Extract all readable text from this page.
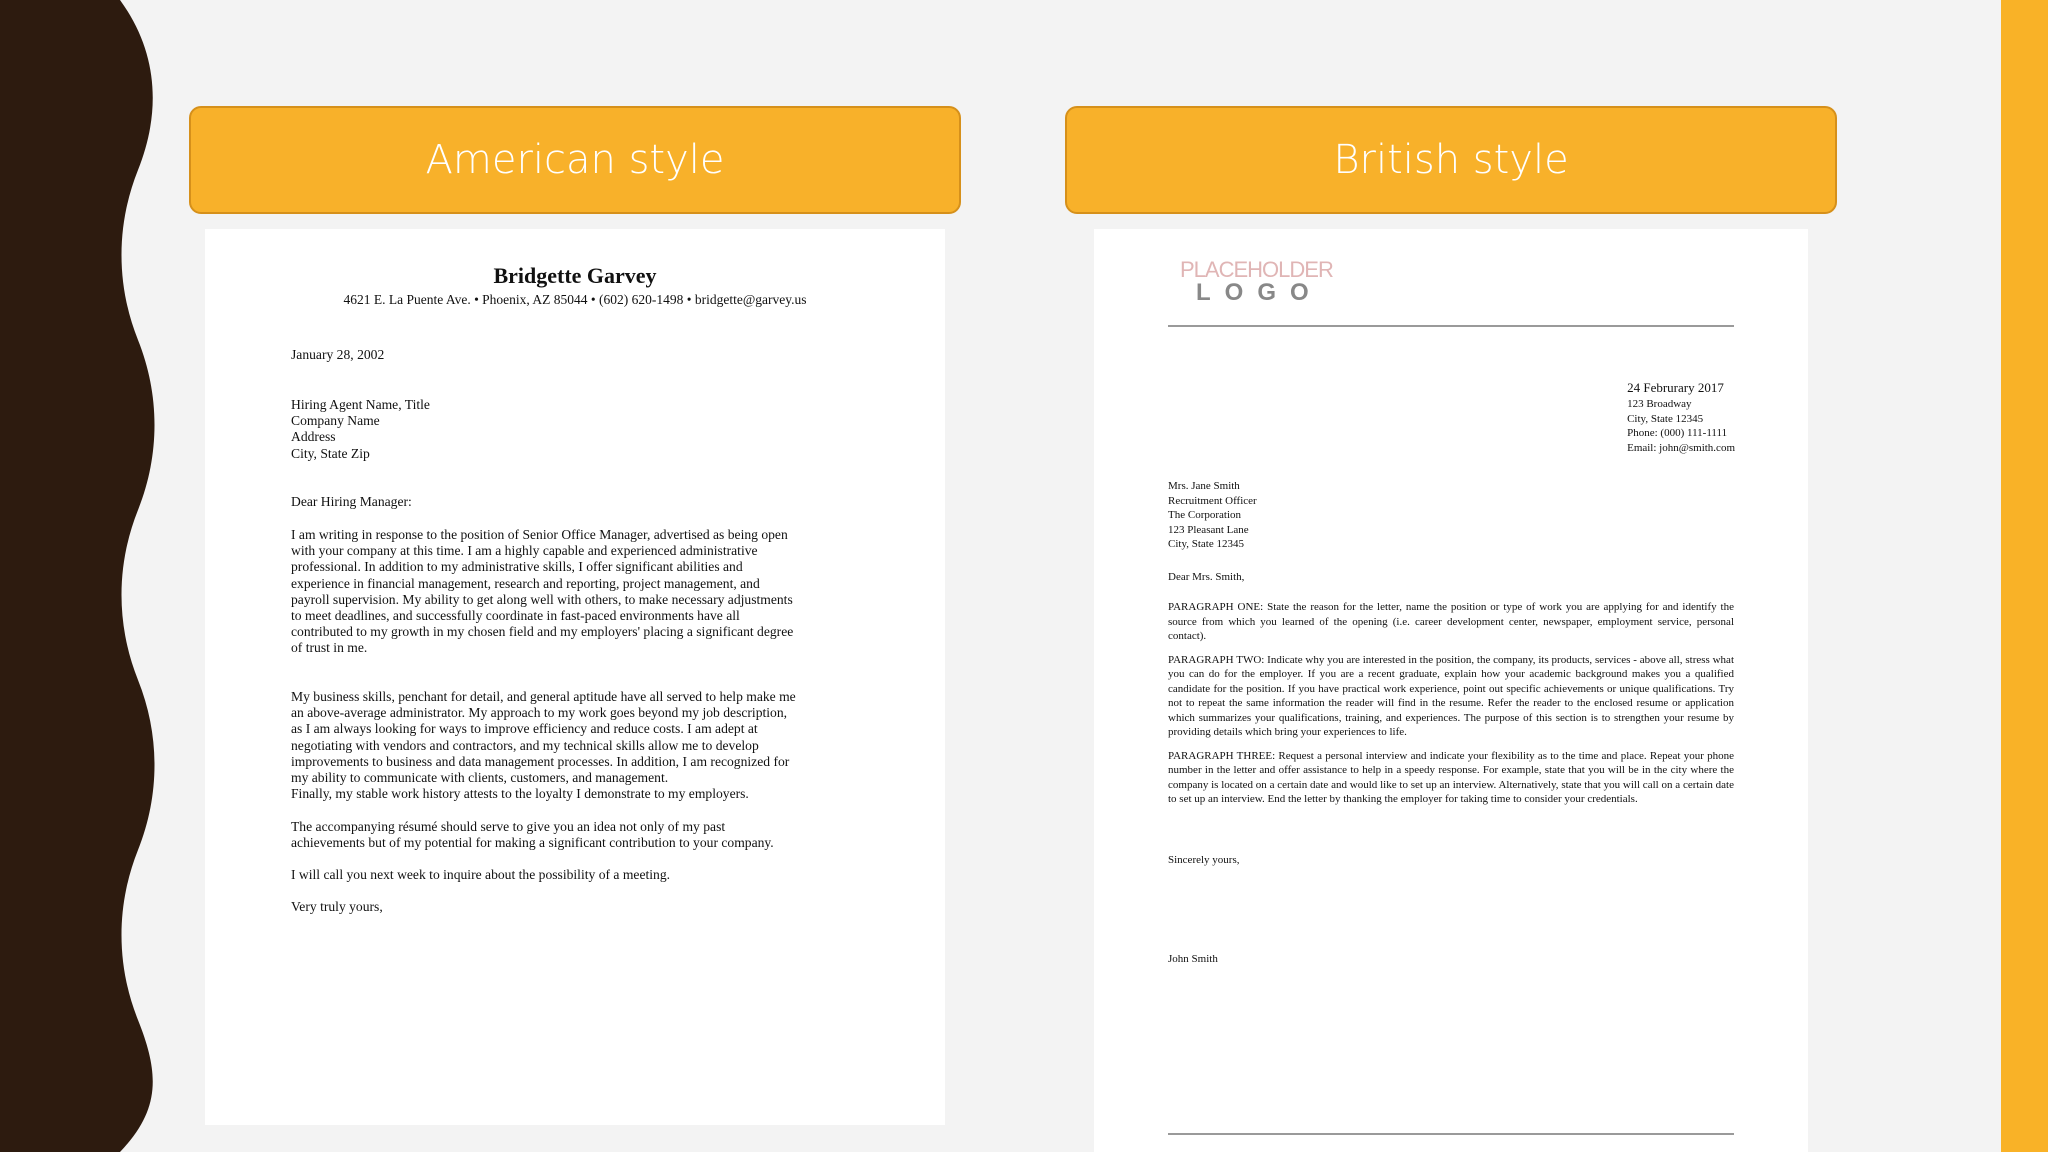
American style	British style
Bridgette Garvey
4621 E. La Puente Ave. • Phoenix, AZ 85044 • (602) 620-1498 • bridgette@garvey.us
January 28, 2002
Hiring Agent Name, Title
Company Name
Address
City, State Zip
Dear Hiring Manager:
I am writing in response to the position of Senior Office Manager, advertised as being open
with your company at this time. I am a highly capable and experienced administrative
professional. In addition to my administrative skills, I offer significant abilities and
experience in financial management, research and reporting, project management, and
payroll supervision. My ability to get along well with others, to make necessary adjustments
to meet deadlines, and successfully coordinate in fast-paced environments have all
contributed to my growth in my chosen field and my employers' placing a significant degree
of trust in me.
My business skills, penchant for detail, and general aptitude have all served to help make me
an above-average administrator. My approach to my work goes beyond my job description,
as I am always looking for ways to improve efficiency and reduce costs. I am adept at
negotiating with vendors and contractors, and my technical skills allow me to develop
improvements to business and data management processes. In addition, I am recognized for
my ability to communicate with clients, customers, and management.
Finally, my stable work history attests to the loyalty I demonstrate to my employers.
The accompanying résumé should serve to give you an idea not only of my past
achievements but of my potential for making a significant contribution to your company.
I will call you next week to inquire about the possibility of a meeting.
Very truly yours,
PLACEHOLDER
LOGO
24 Februrary 2017
123 Broadway
City, State 12345
Phone: (000) 111-1111
Email: john@smith.com
Mrs. Jane Smith
Recruitment Officer
The Corporation
123 Pleasant Lane
City, State 12345
Dear Mrs. Smith,
PARAGRAPH ONE: State the reason for the letter, name the position or type of work you are applying for and identify the source from which you learned of the opening (i.e. career development center, newspaper, employment service, personal contact).
PARAGRAPH TWO: Indicate why you are interested in the position, the company, its products, services - above all, stress what you can do for the employer. If you are a recent graduate, explain how your academic background makes you a qualified candidate for the position. If you have practical work experience, point out specific achievements or unique qualifications. Try not to repeat the same information the reader will find in the resume. Refer the reader to the enclosed resume or application which summarizes your qualifications, training, and experiences. The purpose of this section is to strengthen your resume by providing details which bring your experiences to life.
PARAGRAPH THREE: Request a personal interview and indicate your flexibility as to the time and place. Repeat your phone number in the letter and offer assistance to help in a speedy response. For example, state that you will be in the city where the company is located on a certain date and would like to set up an interview. Alternatively, state that you will call on a certain date to set up an interview. End the letter by thanking the employer for taking time to consider your credentials.
Sincerely yours,
John Smith
